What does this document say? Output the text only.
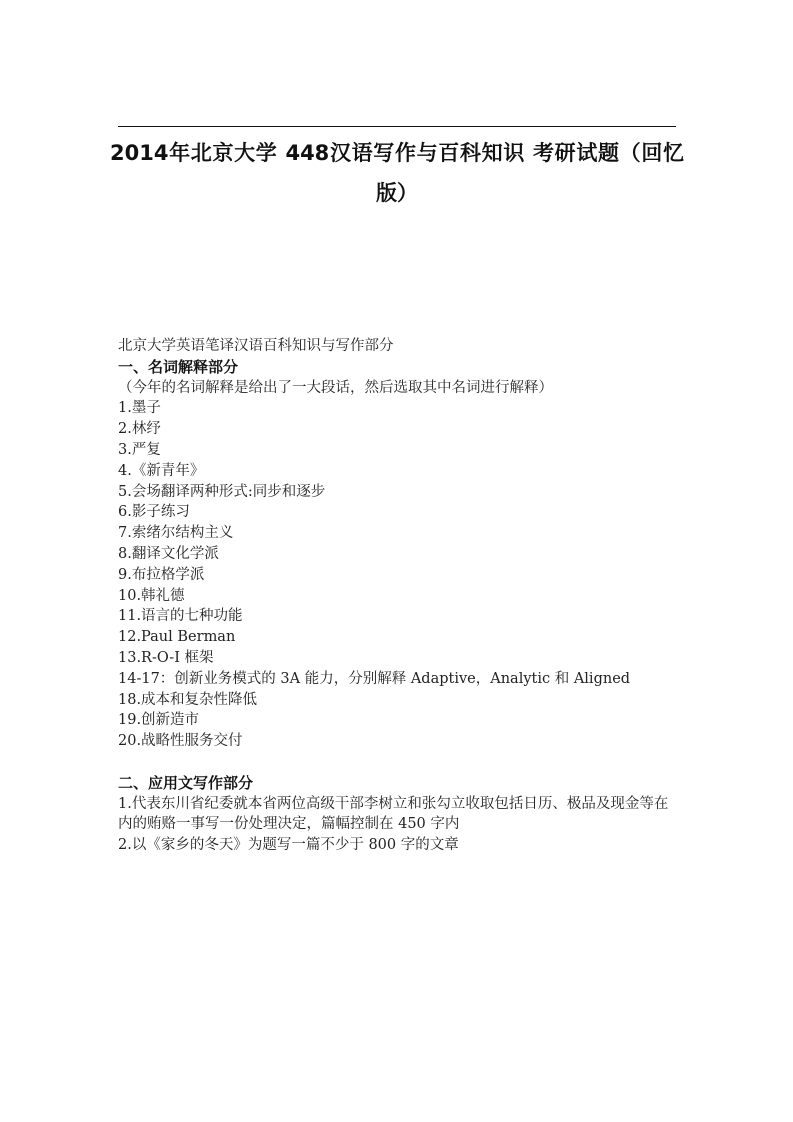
2014年北京大学 448汉语写作与百科知识 考研试题（回忆
版）
北京大学英语笔译汉语百科知识与写作部分
一、名词解释部分
（今年的名词解释是给出了一大段话，然后选取其中名词进行解释）
1.墨子
2.林纾
3.严复
4.《新青年》
5.会场翻译两种形式:同步和逐步
6.影子练习
7.索绪尔结构主义
8.翻译文化学派
9.布拉格学派
10.韩礼德
11.语言的七种功能
12.Paul Berman
13.R-O-I 框架
14-17：创新业务模式的 3A 能力，分别解释 Adaptive，Analytic 和 Aligned
18.成本和复杂性降低
19.创新造市
20.战略性服务交付
二、应用文写作部分
1.代表东川省纪委就本省两位高级干部李树立和张勾立收取包括日历、极品及现金等在内的贿赂一事写一份处理决定，篇幅控制在 450 字内
2.以《家乡的冬天》为题写一篇不少于 800 字的文章
